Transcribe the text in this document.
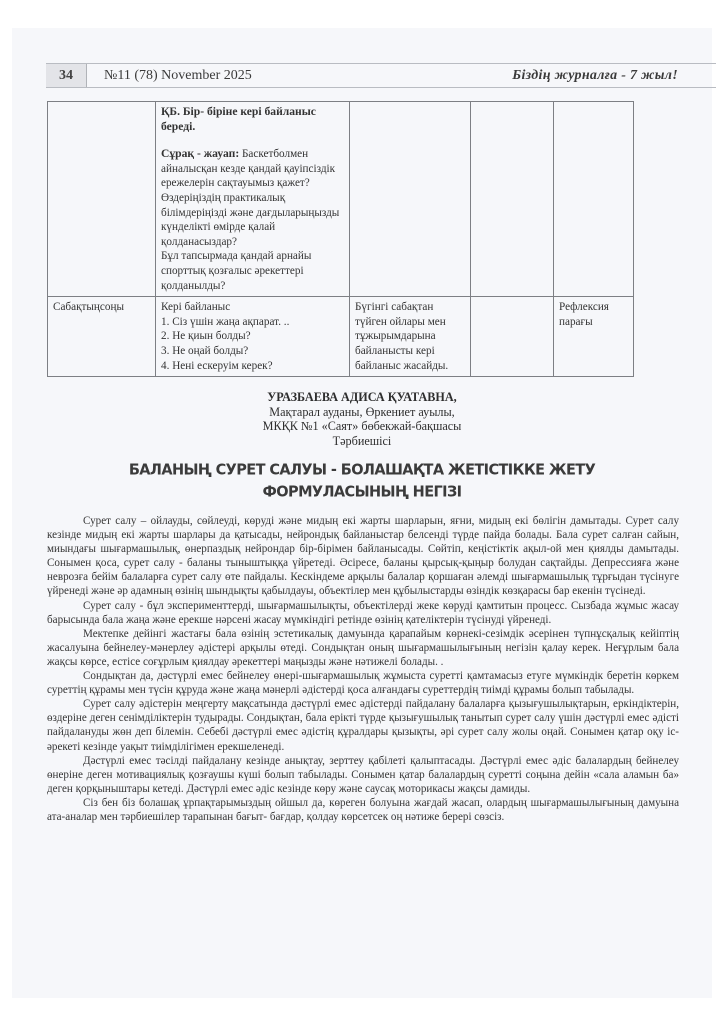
34	№11 (78) November 2025	Біздің журналға - 7 жыл!

	ҚБ. Бір- біріне кері байланыс береді.
Сұрақ - жауап: Баскетболмен айналысқан кезде қандай қауіпсіздік ережелерін сақтауымыз қажет? Өздеріңіздің практикалық білімдеріңізді және дағдыларыңызды күнделікті өмірде қалай қолданасыздар?
Бұл тапсырмада қандай арнайы спорттық қозғалыс әрекеттері қолданылды?			

Сабақтыңсоңы	Кері байланыс
1. Сіз үшін жаңа ақпарат. ..
2. Не қиын болды?
3. Не оңай болды?
4. Нені ескеруім керек?	Бүгінгі сабақтан түйген ойлары мен тұжырымдарына байланысты кері байланыс жасайды.		Рефлексия парағы
УРАЗБАЕВА АДИСА ҚУАТАВНА,
Мақтарал ауданы, Өркениет ауылы,
МКҚК №1 «Саят» бөбекжай-бақшасы
Тәрбиешісі
БАЛАНЫҢ СУРЕТ САЛУЫ - БОЛАШАҚТА ЖЕТІСТІККЕ ЖЕТУ
ФОРМУЛАСЫНЫҢ НЕГІЗІ

Сурет салу – ойлауды, сөйлеуді, көруді және мидың екі жарты шарларын, яғни, мидың екі бөлігін дамытады. Сурет салу кезінде мидың екі жарты шарлары да қатысады, нейрондық байланыстар белсенді түрде пайда болады. Бала сурет салған сайын, миындағы шығармашылық, өнерпаздық нейрондар бір-бірімен байланысады. Сөйтіп, кеңістіктік ақыл-ой мен қиялды дамытады. Сонымен қоса, сурет салу - баланы тыныштыққа үйретеді. Әсіресе, баланы қырсық-қыңыр болудан сақтайды. Депрессияға және неврозға бейім балаларға сурет салу өте пайдалы. Кескіндеме арқылы балалар қоршаған әлемді шығармашылық тұрғыдан түсінуге үйренеді және әр адамның өзінің шындықты қабылдауы, объектілер мен құбылыстарды өзіндік көзқарасы бар екенін түсінеді.

Сурет салу - бұл эксперименттерді, шығармашылықты, объектілерді жеке көруді қамтитын процесс. Сызбада жұмыс жасау барысында бала жаңа және ерекше нәрсені жасау мүмкіндігі ретінде өзінің қателіктерін түсінуді үйренеді.

Мектепке дейінгі жастағы бала өзінің эстетикалық дамуында қарапайым көрнекі-сезімдік әсерінен түпнұсқалық кейіптің жасалуына бейнелеу-мәнерлеу әдістері арқылы өтеді. Сондықтан оның шығармашылығының негізін қалау керек. Неғұрлым бала жақсы көрсе, естісе соғұрлым қиялдау әрекеттері маңызды және нәтижелі болады. .

Сондықтан да, дәстүрлі емес бейнелеу өнері-шығармашылық жұмыста суретті қамтамасыз етуге мүмкіндік беретін көркем суреттің құрамы мен түсін құруда және жаңа мәнерлі әдістерді қоса алғандағы суреттердің тиімді құрамы болып табылады.

Сурет салу әдістерін меңгерту мақсатында дәстүрлі емес әдістерді пайдалану балаларға қызығушылықтарын, еркіндіктерін, өздеріне деген сенімділіктерін тудырады. Сондықтан, бала ерікті түрде қызығушылық танытып сурет салу үшін дәстүрлі емес әдісті пайдалануды жөн деп білемін. Себебі дәстүрлі емес әдістің құралдары қызықты, әрі сурет салу жолы оңай. Сонымен қатар оқу іс- әрекеті кезінде уақыт тиімділігімен ерекшеленеді.

Дәстүрлі емес тәсілді пайдалану кезінде анықтау, зерттеу қабілеті қалыптасады. Дәстүрлі емес әдіс балалардың бейнелеу өнеріне деген мотивациялық қозғаушы күші болып табылады. Сонымен қатар балалардың суретті соңына дейін «сала аламын ба» деген қорқыныштары кетеді. Дәстүрлі емес әдіс кезінде көру және саусақ моторикасы жақсы дамиды.

Сіз бен біз болашақ ұрпақтарымыздың ойшыл да, көреген болуына жағдай жасап, олардың шығармашылығының дамуына ата-аналар мен тәрбиешілер тарапынан бағыт- бағдар, қолдау көрсетсек оң нәтиже берері сөзсіз.
